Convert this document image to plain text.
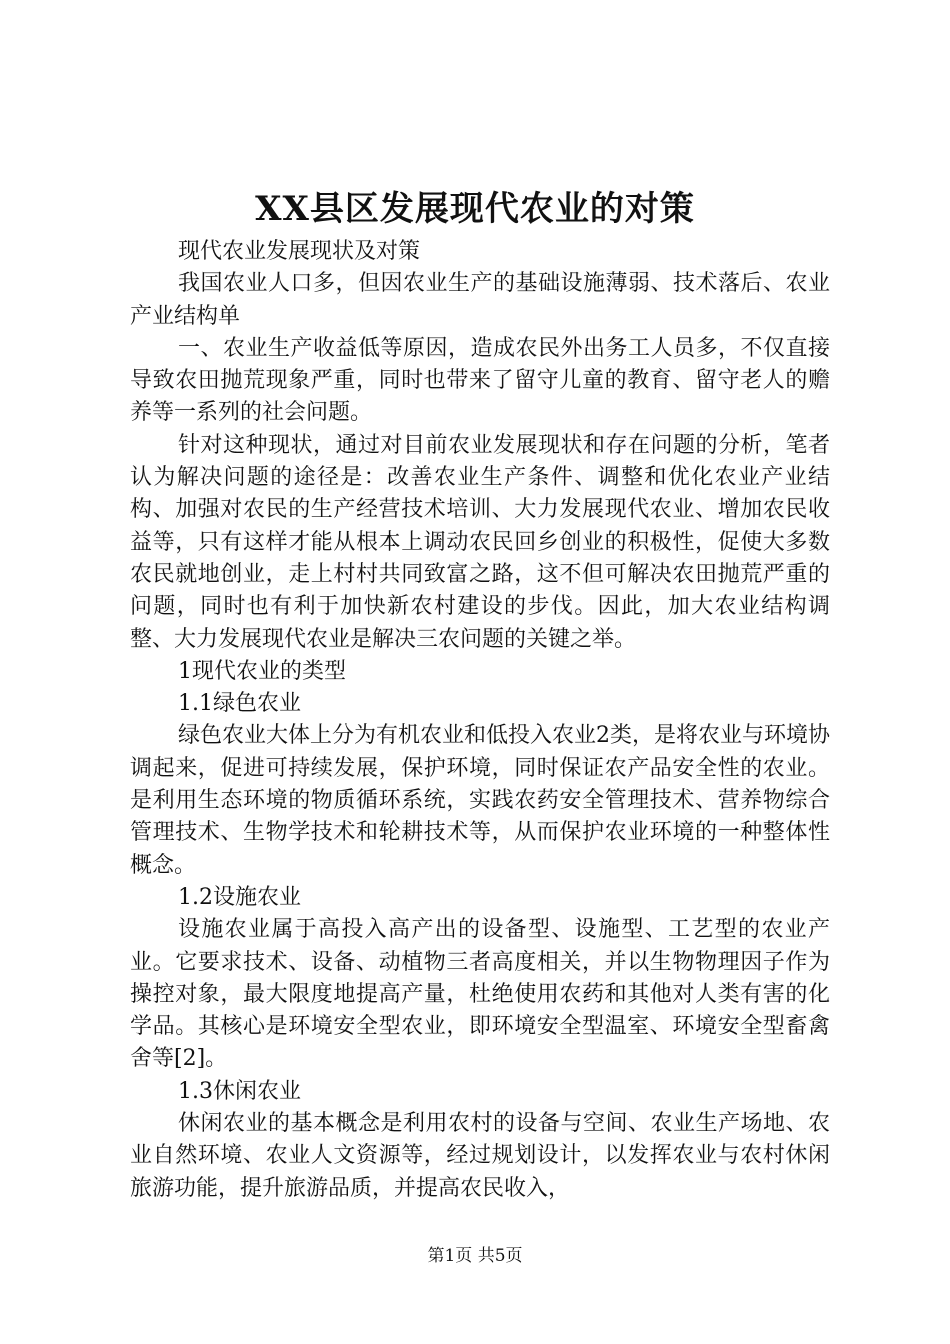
XX县区发展现代农业的对策

现代农业发展现状及对策

我国农业人口多，但因农业生产的基础设施薄弱、技术落后、农业产业结构单

一、农业生产收益低等原因，造成农民外出务工人员多，不仅直接导致农田抛荒现象严重，同时也带来了留守儿童的教育、留守老人的赡养等一系列的社会问题。

针对这种现状，通过对目前农业发展现状和存在问题的分析，笔者认为解决问题的途径是：改善农业生产条件、调整和优化农业产业结构、加强对农民的生产经营技术培训、大力发展现代农业、增加农民收益等，只有这样才能从根本上调动农民回乡创业的积极性，促使大多数农民就地创业，走上村村共同致富之路，这不但可解决农田抛荒严重的问题，同时也有利于加快新农村建设的步伐。因此，加大农业结构调整、大力发展现代农业是解决三农问题的关键之举。

1现代农业的类型

1.1绿色农业

绿色农业大体上分为有机农业和低投入农业2类，是将农业与环境协调起来，促进可持续发展，保护环境，同时保证农产品安全性的农业。是利用生态环境的物质循环系统，实践农药安全管理技术、营养物综合管理技术、生物学技术和轮耕技术等，从而保护农业环境的一种整体性概念。

1.2设施农业

设施农业属于高投入高产出的设备型、设施型、工艺型的农业产业。它要求技术、设备、动植物三者高度相关，并以生物物理因子作为操控对象，最大限度地提高产量，杜绝使用农药和其他对人类有害的化学品。其核心是环境安全型农业，即环境安全型温室、环境安全型畜禽舍等[2]。

1.3休闲农业

休闲农业的基本概念是利用农村的设备与空间、农业生产场地、农业自然环境、农业人文资源等，经过规划设计，以发挥农业与农村休闲旅游功能，提升旅游品质，并提高农民收入，

第1页 共5页
